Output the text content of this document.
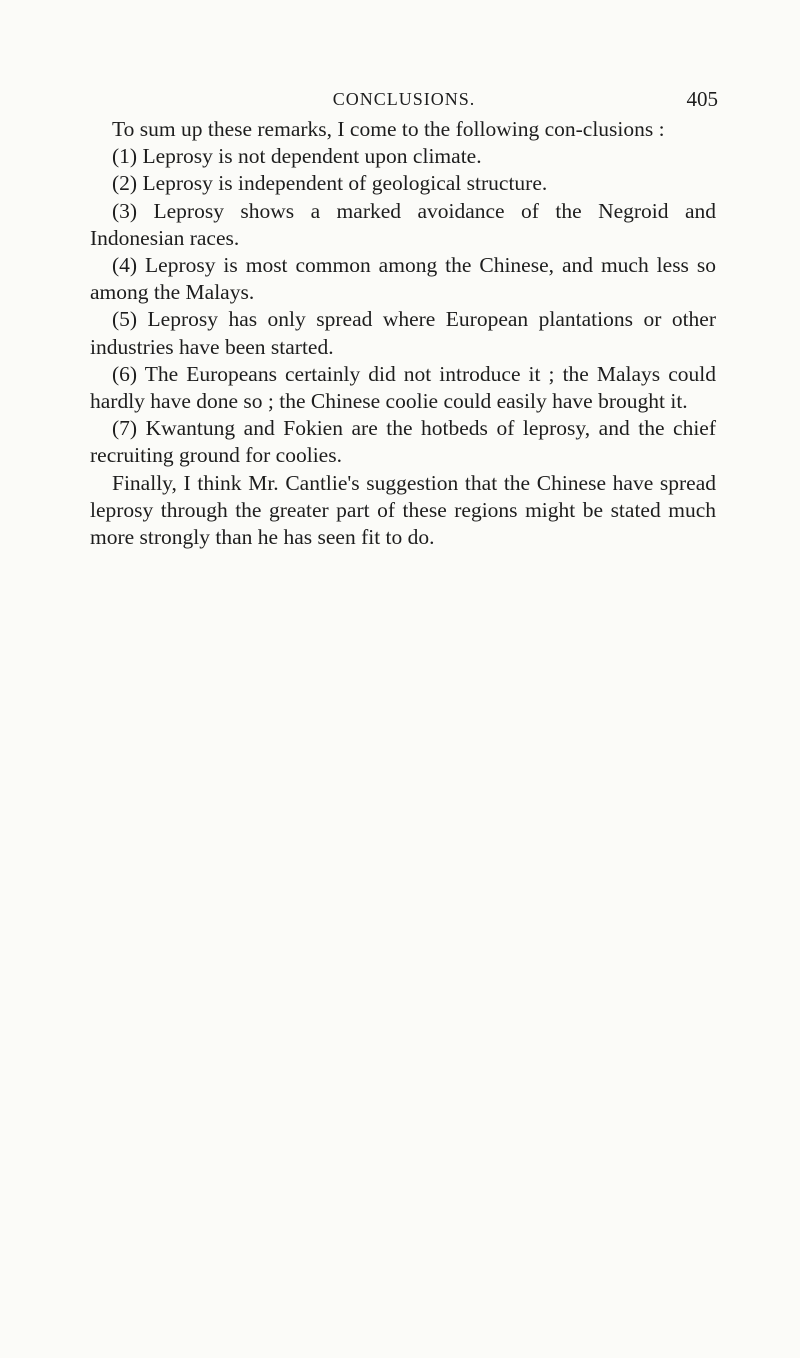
CONCLUSIONS.	405

To sum up these remarks, I come to the following con-clusions :

(1) Leprosy is not dependent upon climate.

(2) Leprosy is independent of geological structure.

(3) Leprosy shows a marked avoidance of the Negroid and Indonesian races.

(4) Leprosy is most common among the Chinese, and much less so among the Malays.

(5) Leprosy has only spread where European plantations or other industries have been started.

(6) The Europeans certainly did not introduce it ; the Malays could hardly have done so ; the Chinese coolie could easily have brought it.

(7) Kwantung and Fokien are the hotbeds of leprosy, and the chief recruiting ground for coolies.

Finally, I think Mr. Cantlie's suggestion that the Chinese have spread leprosy through the greater part of these regions might be stated much more strongly than he has seen fit to do.
